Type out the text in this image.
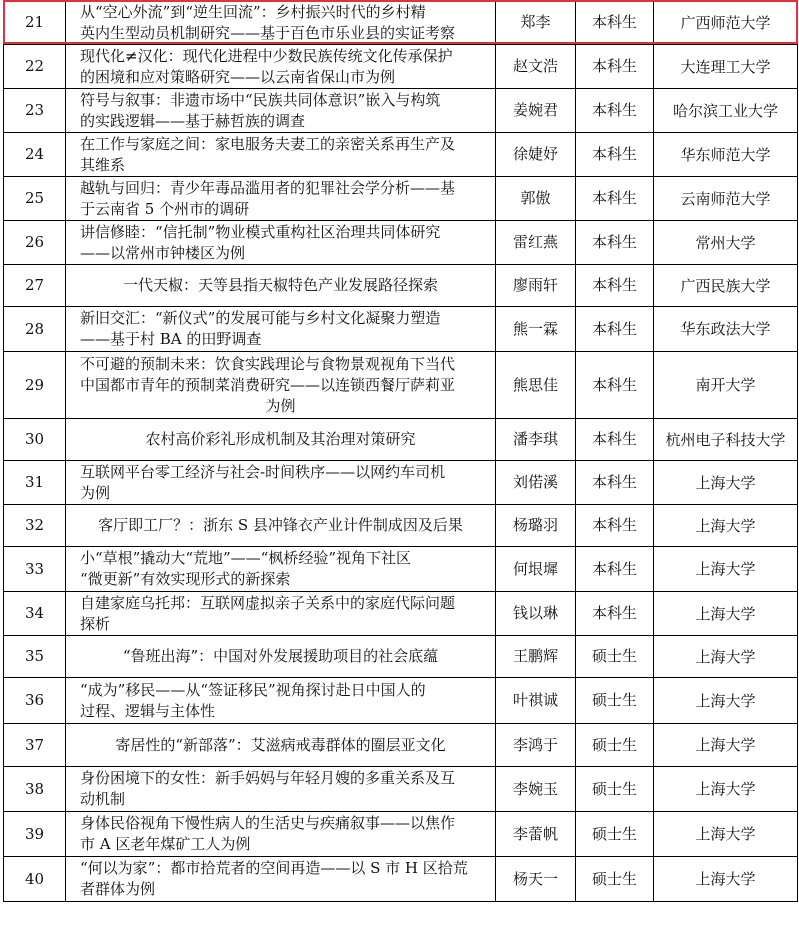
21	从“空心外流”到“逆生回流”：乡村振兴时代的乡村精
英内生型动员机制研究——基于百色市乐业县的实证考察	郑李	本科生	广西师范大学
22	现代化≠汉化：现代化进程中少数民族传统文化传承保护
的困境和应对策略研究——以云南省保山市为例	赵文浩	本科生	大连理工大学
23	符号与叙事：非遗市场中“民族共同体意识”嵌入与构筑
的实践逻辑——基于赫哲族的调查	姜婉君	本科生	哈尔滨工业大学
24	在工作与家庭之间：家电服务夫妻工的亲密关系再生产及
其维系	徐婕妤	本科生	华东师范大学
25	越轨与回归：青少年毒品滥用者的犯罪社会学分析——基
于云南省 5 个州市的调研	郭傲	本科生	云南师范大学
26	讲信修睦：“信托制”物业模式重构社区治理共同体研究
——以常州市钟楼区为例	雷红燕	本科生	常州大学
27	一代天椒：天等县指天椒特色产业发展路径探索	廖雨轩	本科生	广西民族大学
28	新旧交汇：“新仪式”的发展可能与乡村文化凝聚力塑造
——基于村 BA 的田野调查	熊一霖	本科生	华东政法大学
29	不可避的预制未来：饮食实践理论与食物景观视角下当代
中国都市青年的预制菜消费研究——以连锁西餐厅萨莉亚
为例	熊思佳	本科生	南开大学
30	农村高价彩礼形成机制及其治理对策研究	潘李琪	本科生	杭州电子科技大学
31	互联网平台零工经济与社会-时间秩序——以网约车司机
为例	刘偌溪	本科生	上海大学
32	客厅即工厂？：浙东 S 县冲锋衣产业计件制成因及后果	杨璐羽	本科生	上海大学
33	小“草根”撬动大“荒地”——“枫桥经验”视角下社区
“微更新”有效实现形式的新探索	何垠墀	本科生	上海大学
34	自建家庭乌托邦：互联网虚拟亲子关系中的家庭代际问题
探析	钱以琳	本科生	上海大学
35	“鲁班出海”：中国对外发展援助项目的社会底蕴	王鹏辉	硕士生	上海大学
36	“成为”移民——从“签证移民”视角探讨赴日中国人的
过程、逻辑与主体性	叶祺诚	硕士生	上海大学
37	寄居性的“新部落”：艾滋病戒毒群体的圈层亚文化	李鸿于	硕士生	上海大学
38	身份困境下的女性：新手妈妈与年轻月嫂的多重关系及互
动机制	李婉玉	硕士生	上海大学
39	身体民俗视角下慢性病人的生活史与疾痛叙事——以焦作
市 A 区老年煤矿工人为例	李蕾帆	硕士生	上海大学
40	“何以为家”：都市拾荒者的空间再造——以 S 市 H 区拾荒
者群体为例	杨天一	硕士生	上海大学
